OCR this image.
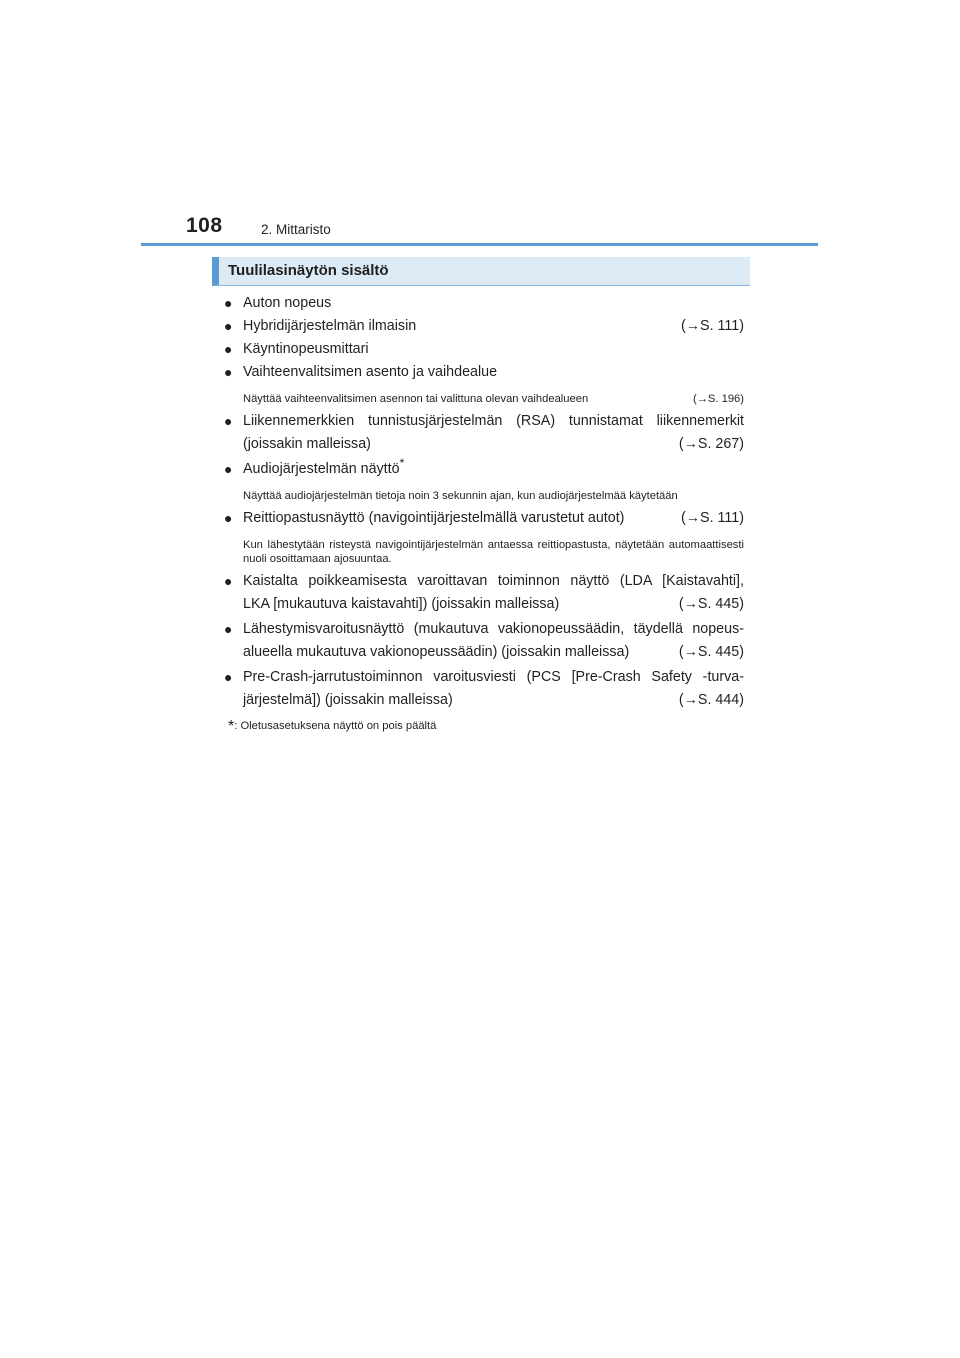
108	2. Mittaristo
Tuulilasinäytön sisältö
● Auton nopeus
● Hybridijärjestelmän ilmaisin	(→S. 111)
● Käyntinopeusmittari
● Vaihteenvalitsimen asento ja vaihdealue
Näyttää vaihteenvalitsimen asennon tai valittuna olevan vaihdealueen	(→S. 196)
● Liikennemerkkien tunnistusjärjestelmän (RSA) tunnistamat liikennemerkit
(joissakin malleissa)	(→S. 267)
● Audiojärjestelmän näyttö*
Näyttää audiojärjestelmän tietoja noin 3 sekunnin ajan, kun audiojärjestelmää käytetään
● Reittiopastusnäyttö (navigointijärjestelmällä varustetut autot)	(→S. 111)
Kun lähestytään risteystä navigointijärjestelmän antaessa reittiopastusta, näytetään automaattisesti nuoli osoittamaan ajosuuntaa.
● Kaistalta poikkeamisesta varoittavan toiminnon näyttö (LDA [Kaistavahti],
LKA [mukautuva kaistavahti]) (joissakin malleissa)	(→S. 445)
● Lähestymisvaroitusnäyttö (mukautuva vakionopeussäädin, täydellä nopeus-
alueella mukautuva vakionopeussäädin) (joissakin malleissa)	(→S. 445)
● Pre-Crash-jarrutustoiminnon varoitusviesti (PCS [Pre-Crash Safety -turva-
järjestelmä]) (joissakin malleissa)	(→S. 444)
*: Oletusasetuksena näyttö on pois päältä
